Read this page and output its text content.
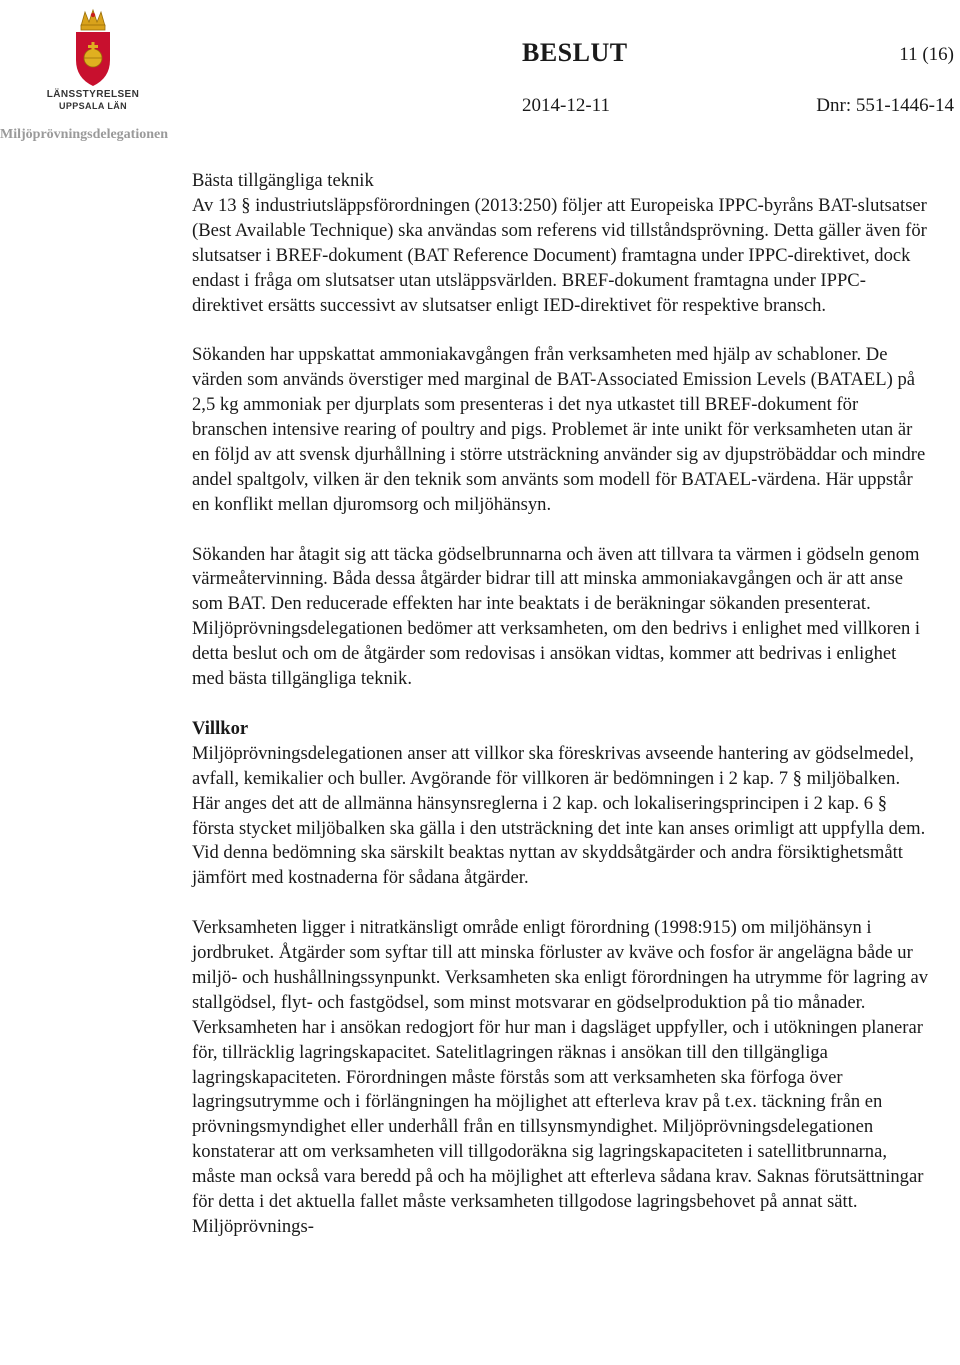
LÄNSSTYRELSEN
UPPSALA LÄN
Miljöprövningsdelegationen
BESLUT	11 (16)
2014-12-11	Dnr: 551-1446-14
Bästa tillgängliga teknik

Av 13 § industriutsläppsförordningen (2013:250) följer att Europeiska IPPC-byråns BAT-slutsatser (Best Available Technique) ska användas som referens vid tillståndsprövning. Detta gäller även för slutsatser i BREF-dokument (BAT Reference Document) framtagna under IPPC-direktivet, dock endast i fråga om slutsatser utan utsläppsvärlden. BREF-dokument framtagna under IPPC-direktivet ersätts successivt av slutsatser enligt IED-direktivet för respektive bransch.

Sökanden har uppskattat ammoniakavgången från verksamheten med hjälp av schabloner. De värden som används överstiger med marginal de BAT-Associated Emission Levels (BATAEL) på 2,5 kg ammoniak per djurplats som presenteras i det nya utkastet till BREF-dokument för branschen intensive rearing of poultry and pigs. Problemet är inte unikt för verksamheten utan är en följd av att svensk djurhållning i större utsträckning använder sig av djupströbäddar och mindre andel spaltgolv, vilken är den teknik som använts som modell för BATAEL-värdena. Här uppstår en konflikt mellan djuromsorg och miljöhänsyn.

Sökanden har åtagit sig att täcka gödselbrunnarna och även att tillvara ta värmen i gödseln genom värmeåtervinning. Båda dessa åtgärder bidrar till att minska ammoniakavgången och är att anse som BAT. Den reducerade effekten har inte beaktats i de beräkningar sökanden presenterat. Miljöprövningsdelegationen bedömer att verksamheten, om den bedrivs i enlighet med villkoren i detta beslut och om de åtgärder som redovisas i ansökan vidtas, kommer att bedrivas i enlighet med bästa tillgängliga teknik.

Villkor

Miljöprövningsdelegationen anser att villkor ska föreskrivas avseende hantering av gödselmedel, avfall, kemikalier och buller. Avgörande för villkoren är bedömningen i 2 kap. 7 § miljöbalken. Här anges det att de allmänna hänsynsreglerna i 2 kap. och lokaliseringsprincipen i 2 kap. 6 § första stycket miljöbalken ska gälla i den utsträckning det inte kan anses orimligt att uppfylla dem. Vid denna bedömning ska särskilt beaktas nyttan av skyddsåtgärder och andra försiktighetsmått jämfört med kostnaderna för sådana åtgärder.

Verksamheten ligger i nitratkänsligt område enligt förordning (1998:915) om miljöhänsyn i jordbruket. Åtgärder som syftar till att minska förluster av kväve och fosfor är angelägna både ur miljö- och hushållningssynpunkt. Verksamheten ska enligt förordningen ha utrymme för lagring av stallgödsel, flyt- och fastgödsel, som minst motsvarar en gödselproduktion på tio månader. Verksamheten har i ansökan redogjort för hur man i dagsläget uppfyller, och i utökningen planerar för, tillräcklig lagringskapacitet. Satelitlagringen räknas i ansökan till den tillgängliga lagringskapaciteten. Förordningen måste förstås som att verksamheten ska förfoga över lagringsutrymme och i förlängningen ha möjlighet att efterleva krav på t.ex. täckning från en prövningsmyndighet eller underhåll från en tillsynsmyndighet. Miljöprövningsdelegationen konstaterar att om verksamheten vill tillgodoräkna sig lagringskapaciteten i satellitbrunnarna, måste man också vara beredd på och ha möjlighet att efterleva sådana krav. Saknas förutsättningar för detta i det aktuella fallet måste verksamheten tillgodose lagringsbehovet på annat sätt. Miljöprövnings-
